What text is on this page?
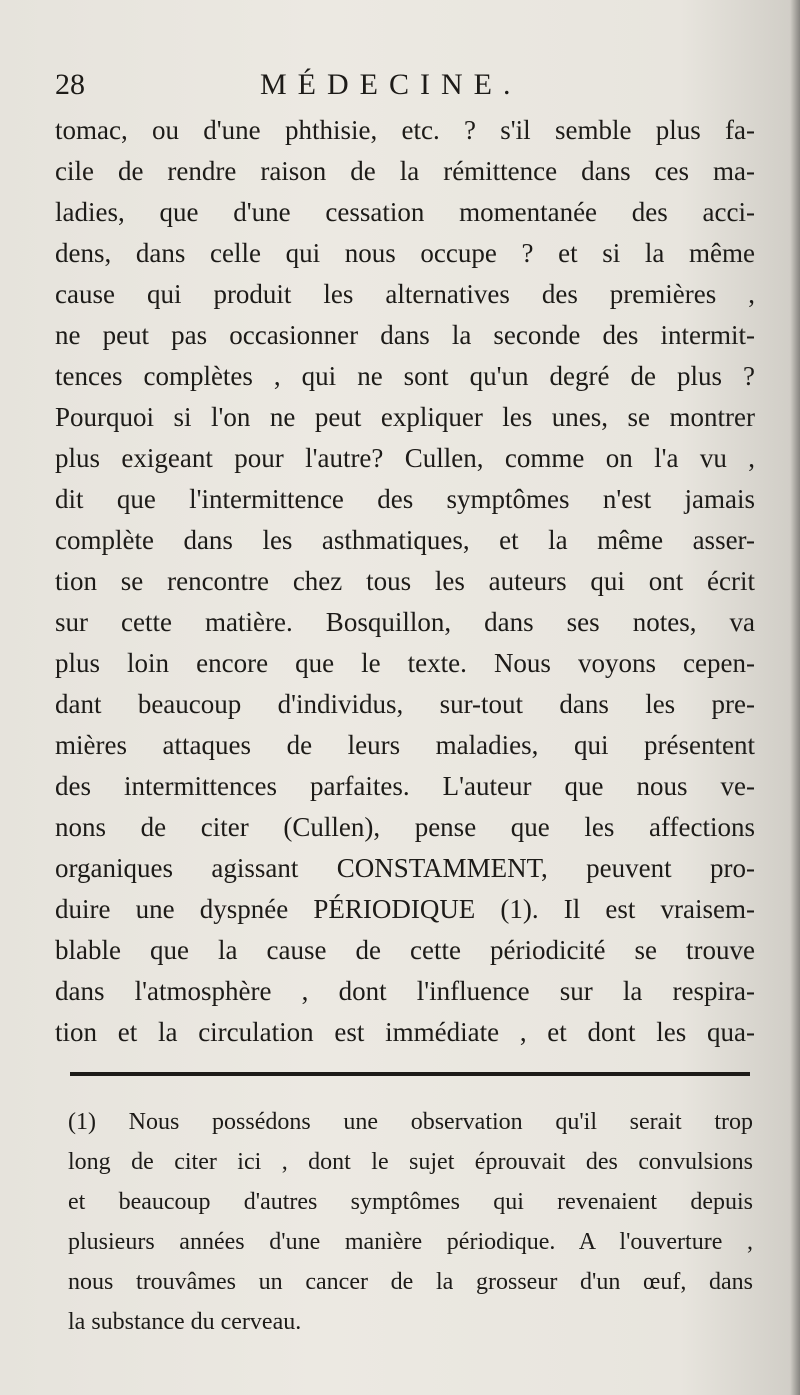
28	MÉDECINE.
tomac, ou d'une phthisie, etc. ? s'il semble plus fa-
cile de rendre raison de la rémittence dans ces ma-
ladies, que d'une cessation momentanée des acci-
dens, dans celle qui nous occupe ? et si la même
cause qui produit les alternatives des premières ,
ne peut pas occasionner dans la seconde des intermit-
tences complètes , qui ne sont qu'un degré de plus ?
Pourquoi si l'on ne peut expliquer les unes, se montrer
plus exigeant pour l'autre? Cullen, comme on l'a vu ,
dit que l'intermittence des symptômes n'est jamais
complète dans les asthmatiques, et la même asser-
tion se rencontre chez tous les auteurs qui ont écrit
sur cette matière. Bosquillon, dans ses notes, va
plus loin encore que le texte. Nous voyons cepen-
dant beaucoup d'individus, sur-tout dans les pre-
mières attaques de leurs maladies, qui présentent
des intermittences parfaites. L'auteur que nous ve-
nons de citer (Cullen), pense que les affections
organiques agissant CONSTAMMENT, peuvent pro-
duire une dyspnée PÉRIODIQUE (1). Il est vraisem-
blable que la cause de cette périodicité se trouve
dans l'atmosphère , dont l'influence sur la respira-
tion et la circulation est immédiate , et dont les qua-
(1) Nous possédons une observation qu'il serait trop
long de citer ici , dont le sujet éprouvait des convulsions
et beaucoup d'autres symptômes qui revenaient depuis
plusieurs années d'une manière périodique. A l'ouverture ,
nous trouvâmes un cancer de la grosseur d'un œuf, dans
la substance du cerveau.
